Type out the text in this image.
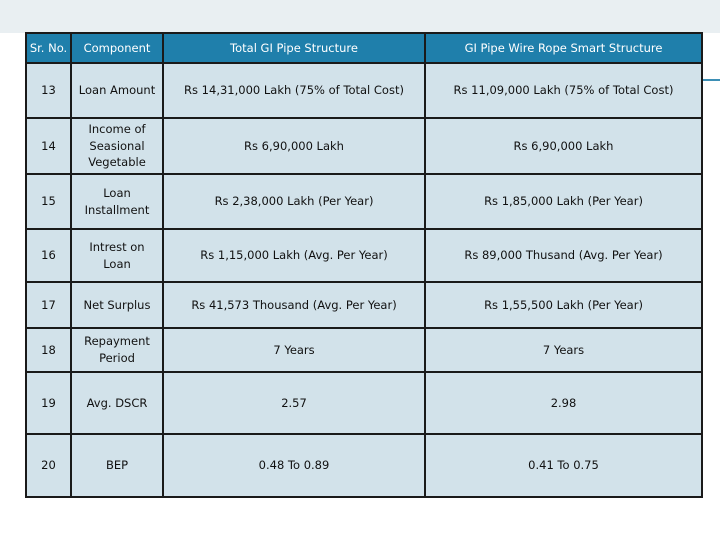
Sr. No.	Component	Total GI Pipe Structure	GI Pipe Wire Rope Smart Structure
13	Loan Amount	Rs 14,31,000 Lakh (75% of Total Cost)	Rs 11,09,000 Lakh (75% of Total Cost)
14	Income of Seasional Vegetable	Rs 6,90,000 Lakh	Rs 6,90,000 Lakh
15	Loan Installment	Rs 2,38,000 Lakh (Per Year)	Rs 1,85,000 Lakh (Per Year)
16	Intrest on Loan	Rs 1,15,000 Lakh (Avg. Per Year)	Rs 89,000 Thusand (Avg. Per Year)
17	Net Surplus	Rs 41,573 Thousand (Avg. Per Year)	Rs 1,55,500 Lakh (Per Year)
18	Repayment Period	7 Years	7 Years
19	Avg. DSCR	2.57	2.98
20	BEP	0.48 To 0.89	0.41 To 0.75
